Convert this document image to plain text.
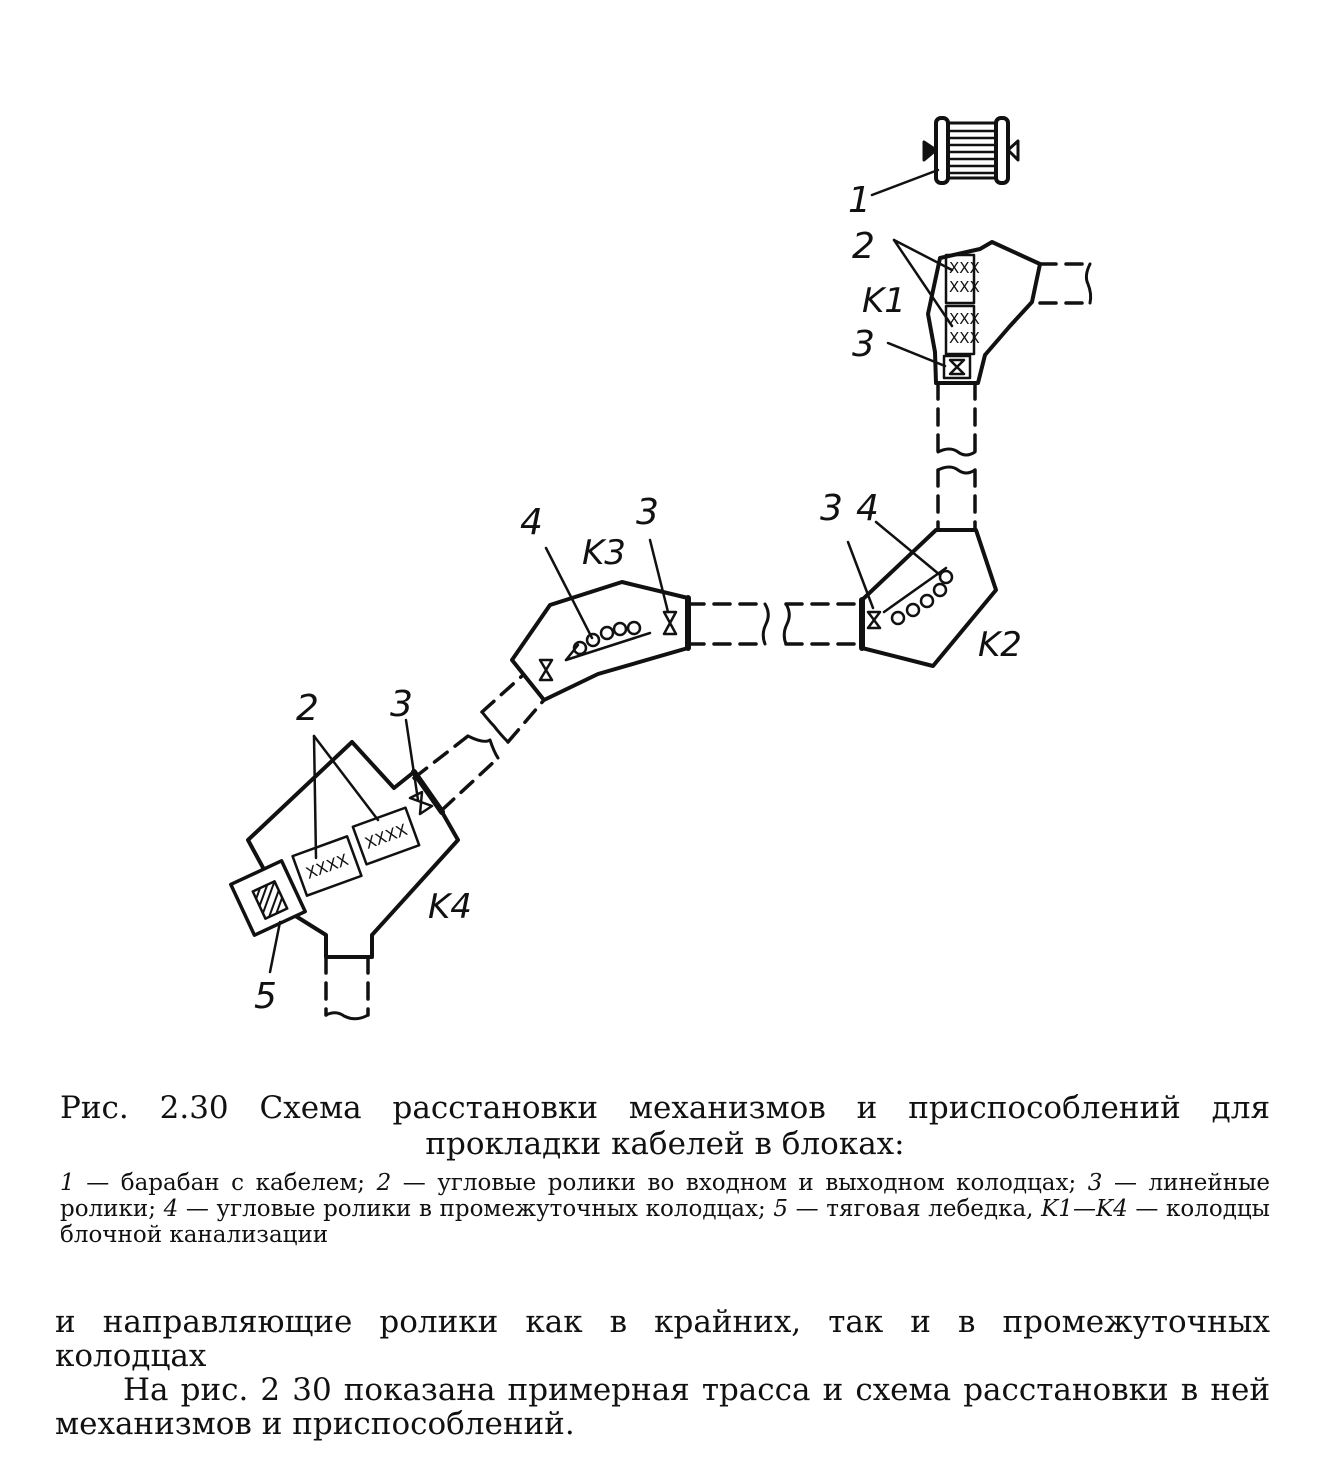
1
XXX
XXX
XXX
XXX
2
K1
3
3 4
K2
4	3
K3
XXXX
XXXX
2 3
K4
5
Рис. 2.30 Схема расстановки механизмов и приспособлений для прокладки кабелей в блоках:
1 — барабан с кабелем; 2 — угловые ролики во входном и выходном колодцах; 3 — линейные ролики; 4 — угловые ролики в промежуточных колодцах; 5 — тяговая лебедка, K1—K4 — колодцы блочной канализации

и направляющие ролики как в крайних, так и в промежуточных колодцах

На рис. 2 30 показана примерная трасса и схема расстановки в ней механизмов и приспособлений.
